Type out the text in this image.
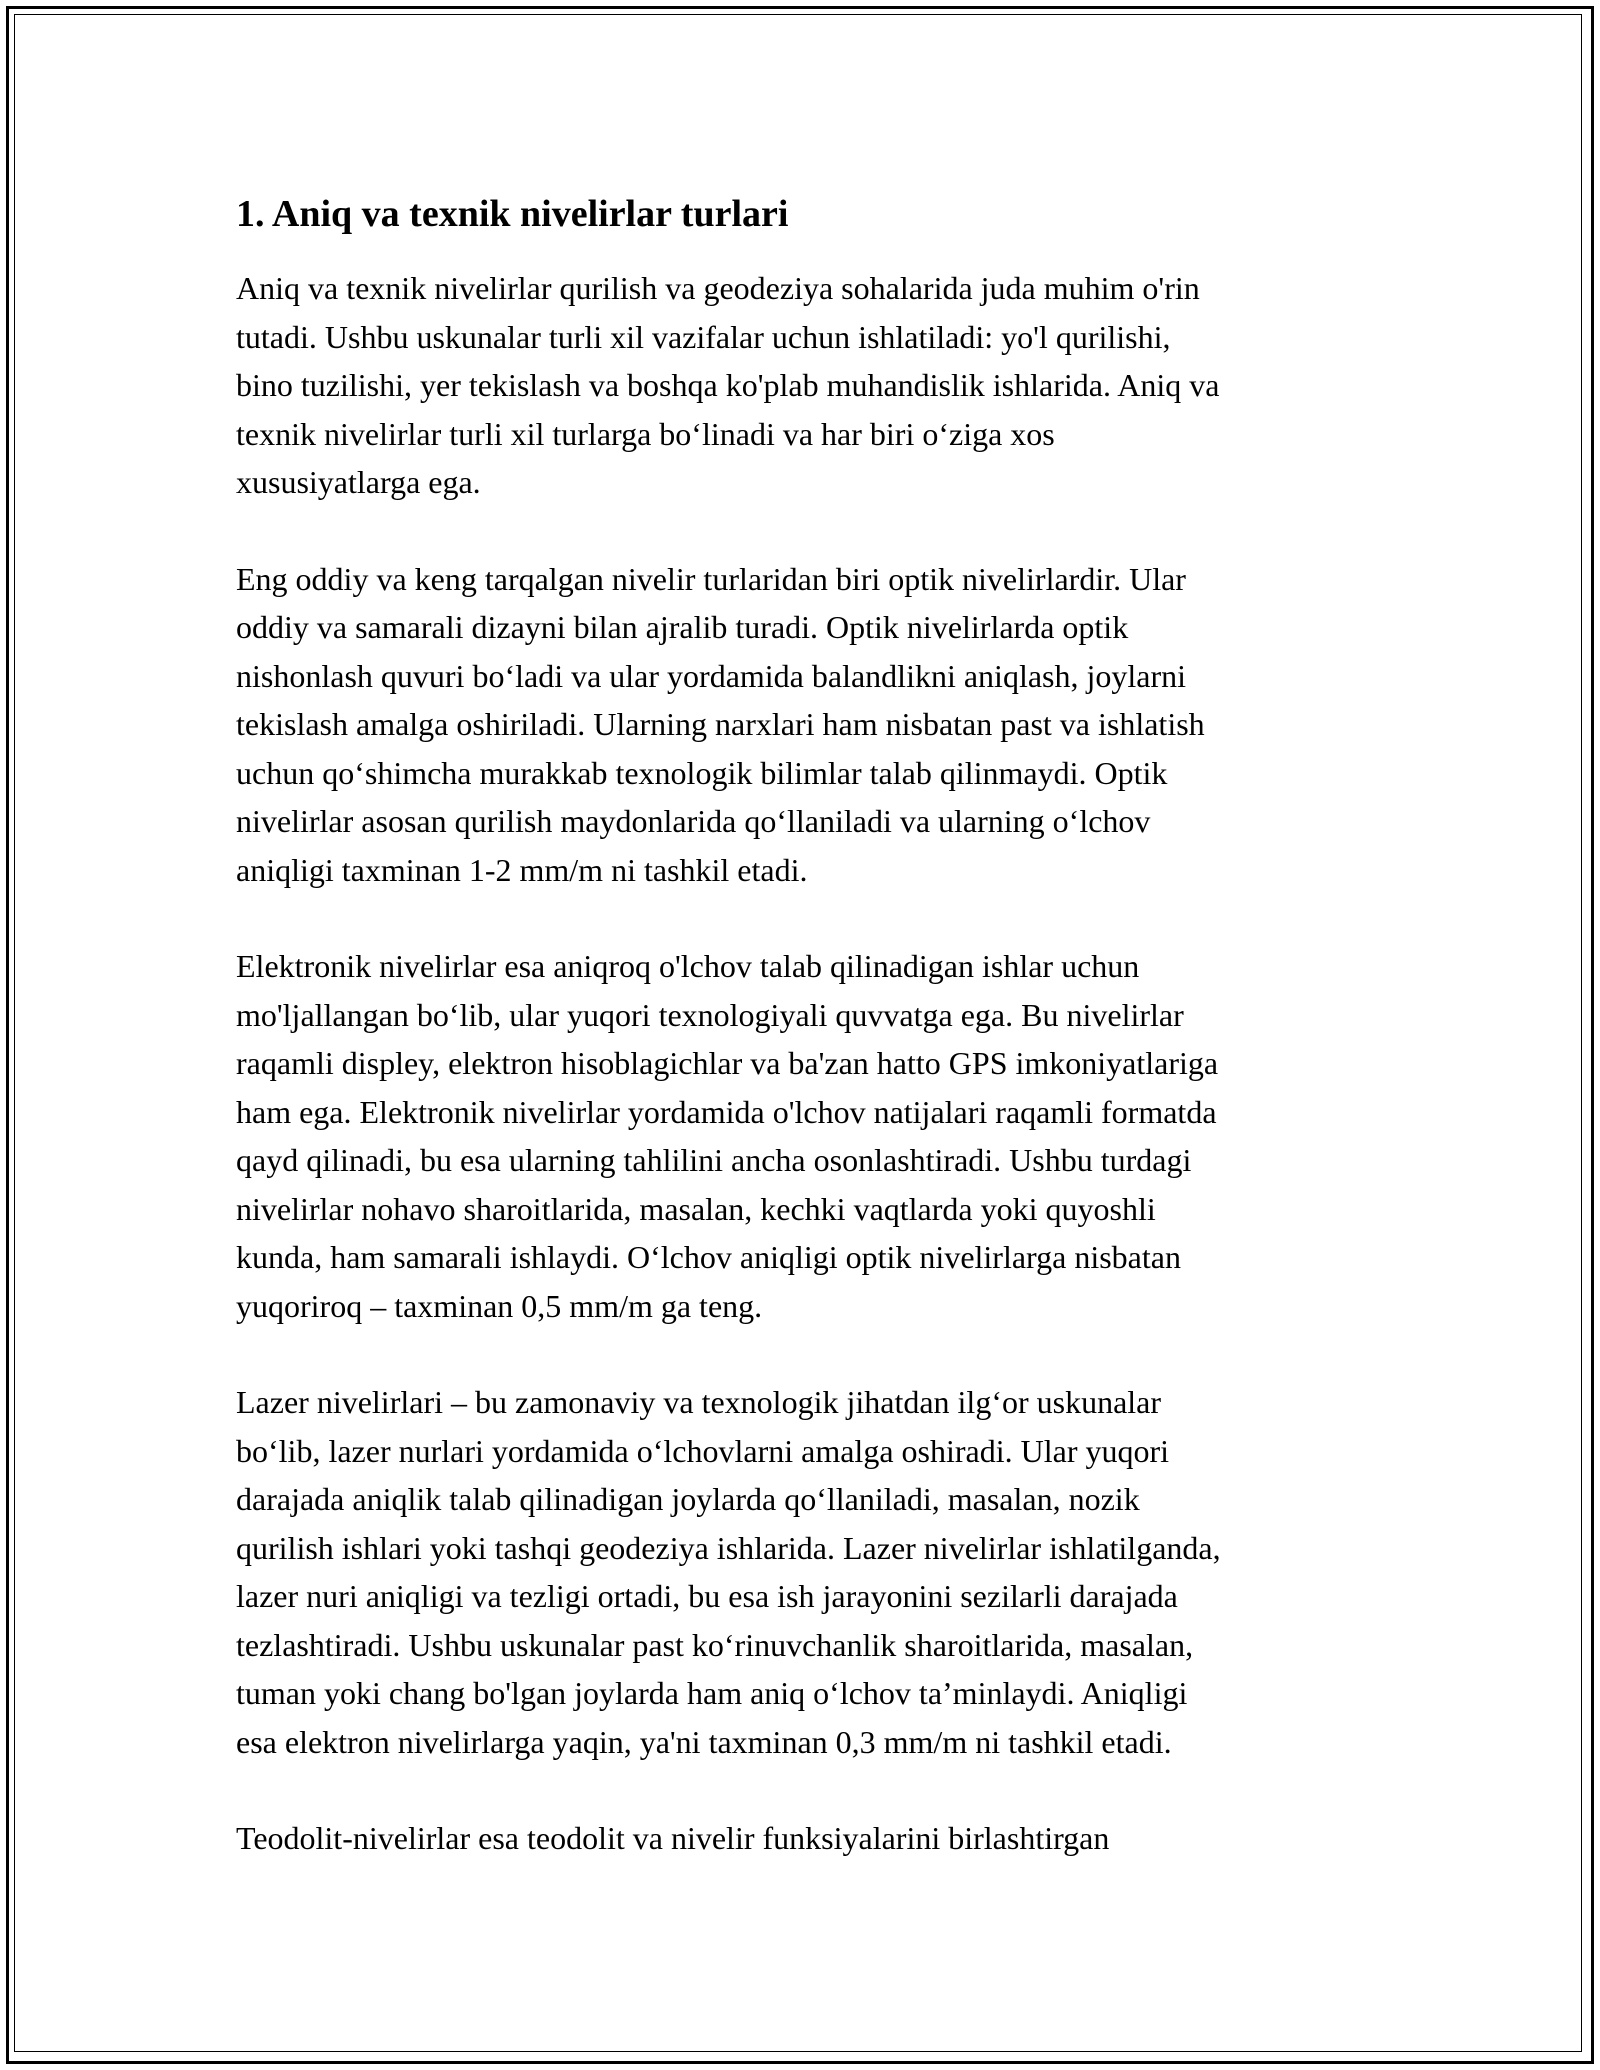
1. Aniq va texnik nivelirlar turlari

Aniq va texnik nivelirlar qurilish va geodeziya sohalarida juda muhim o'rin
tutadi. Ushbu uskunalar turli xil vazifalar uchun ishlatiladi: yo'l qurilishi,
bino tuzilishi, yer tekislash va boshqa ko'plab muhandislik ishlarida. Aniq va
texnik nivelirlar turli xil turlarga bo‘linadi va har biri o‘ziga xos
xususiyatlarga ega.

Eng oddiy va keng tarqalgan nivelir turlaridan biri optik nivelirlardir. Ular
oddiy va samarali dizayni bilan ajralib turadi. Optik nivelirlarda optik
nishonlash quvuri bo‘ladi va ular yordamida balandlikni aniqlash, joylarni
tekislash amalga oshiriladi. Ularning narxlari ham nisbatan past va ishlatish
uchun qo‘shimcha murakkab texnologik bilimlar talab qilinmaydi. Optik
nivelirlar asosan qurilish maydonlarida qo‘llaniladi va ularning o‘lchov
aniqligi taxminan 1-2 mm/m ni tashkil etadi.

Elektronik nivelirlar esa aniqroq o'lchov talab qilinadigan ishlar uchun
mo'ljallangan bo‘lib, ular yuqori texnologiyali quvvatga ega. Bu nivelirlar
raqamli displey, elektron hisoblagichlar va ba'zan hatto GPS imkoniyatlariga
ham ega. Elektronik nivelirlar yordamida o'lchov natijalari raqamli formatda
qayd qilinadi, bu esa ularning tahlilini ancha osonlashtiradi. Ushbu turdagi
nivelirlar nohavo sharoitlarida, masalan, kechki vaqtlarda yoki quyoshli
kunda, ham samarali ishlaydi. O‘lchov aniqligi optik nivelirlarga nisbatan
yuqoriroq – taxminan 0,5 mm/m ga teng.

Lazer nivelirlari – bu zamonaviy va texnologik jihatdan ilg‘or uskunalar
bo‘lib, lazer nurlari yordamida o‘lchovlarni amalga oshiradi. Ular yuqori
darajada aniqlik talab qilinadigan joylarda qo‘llaniladi, masalan, nozik
qurilish ishlari yoki tashqi geodeziya ishlarida. Lazer nivelirlar ishlatilganda,
lazer nuri aniqligi va tezligi ortadi, bu esa ish jarayonini sezilarli darajada
tezlashtiradi. Ushbu uskunalar past ko‘rinuvchanlik sharoitlarida, masalan,
tuman yoki chang bo'lgan joylarda ham aniq o‘lchov ta’minlaydi. Aniqligi
esa elektron nivelirlarga yaqin, ya'ni taxminan 0,3 mm/m ni tashkil etadi.

Teodolit-nivelirlar esa teodolit va nivelir funksiyalarini birlashtirgan
